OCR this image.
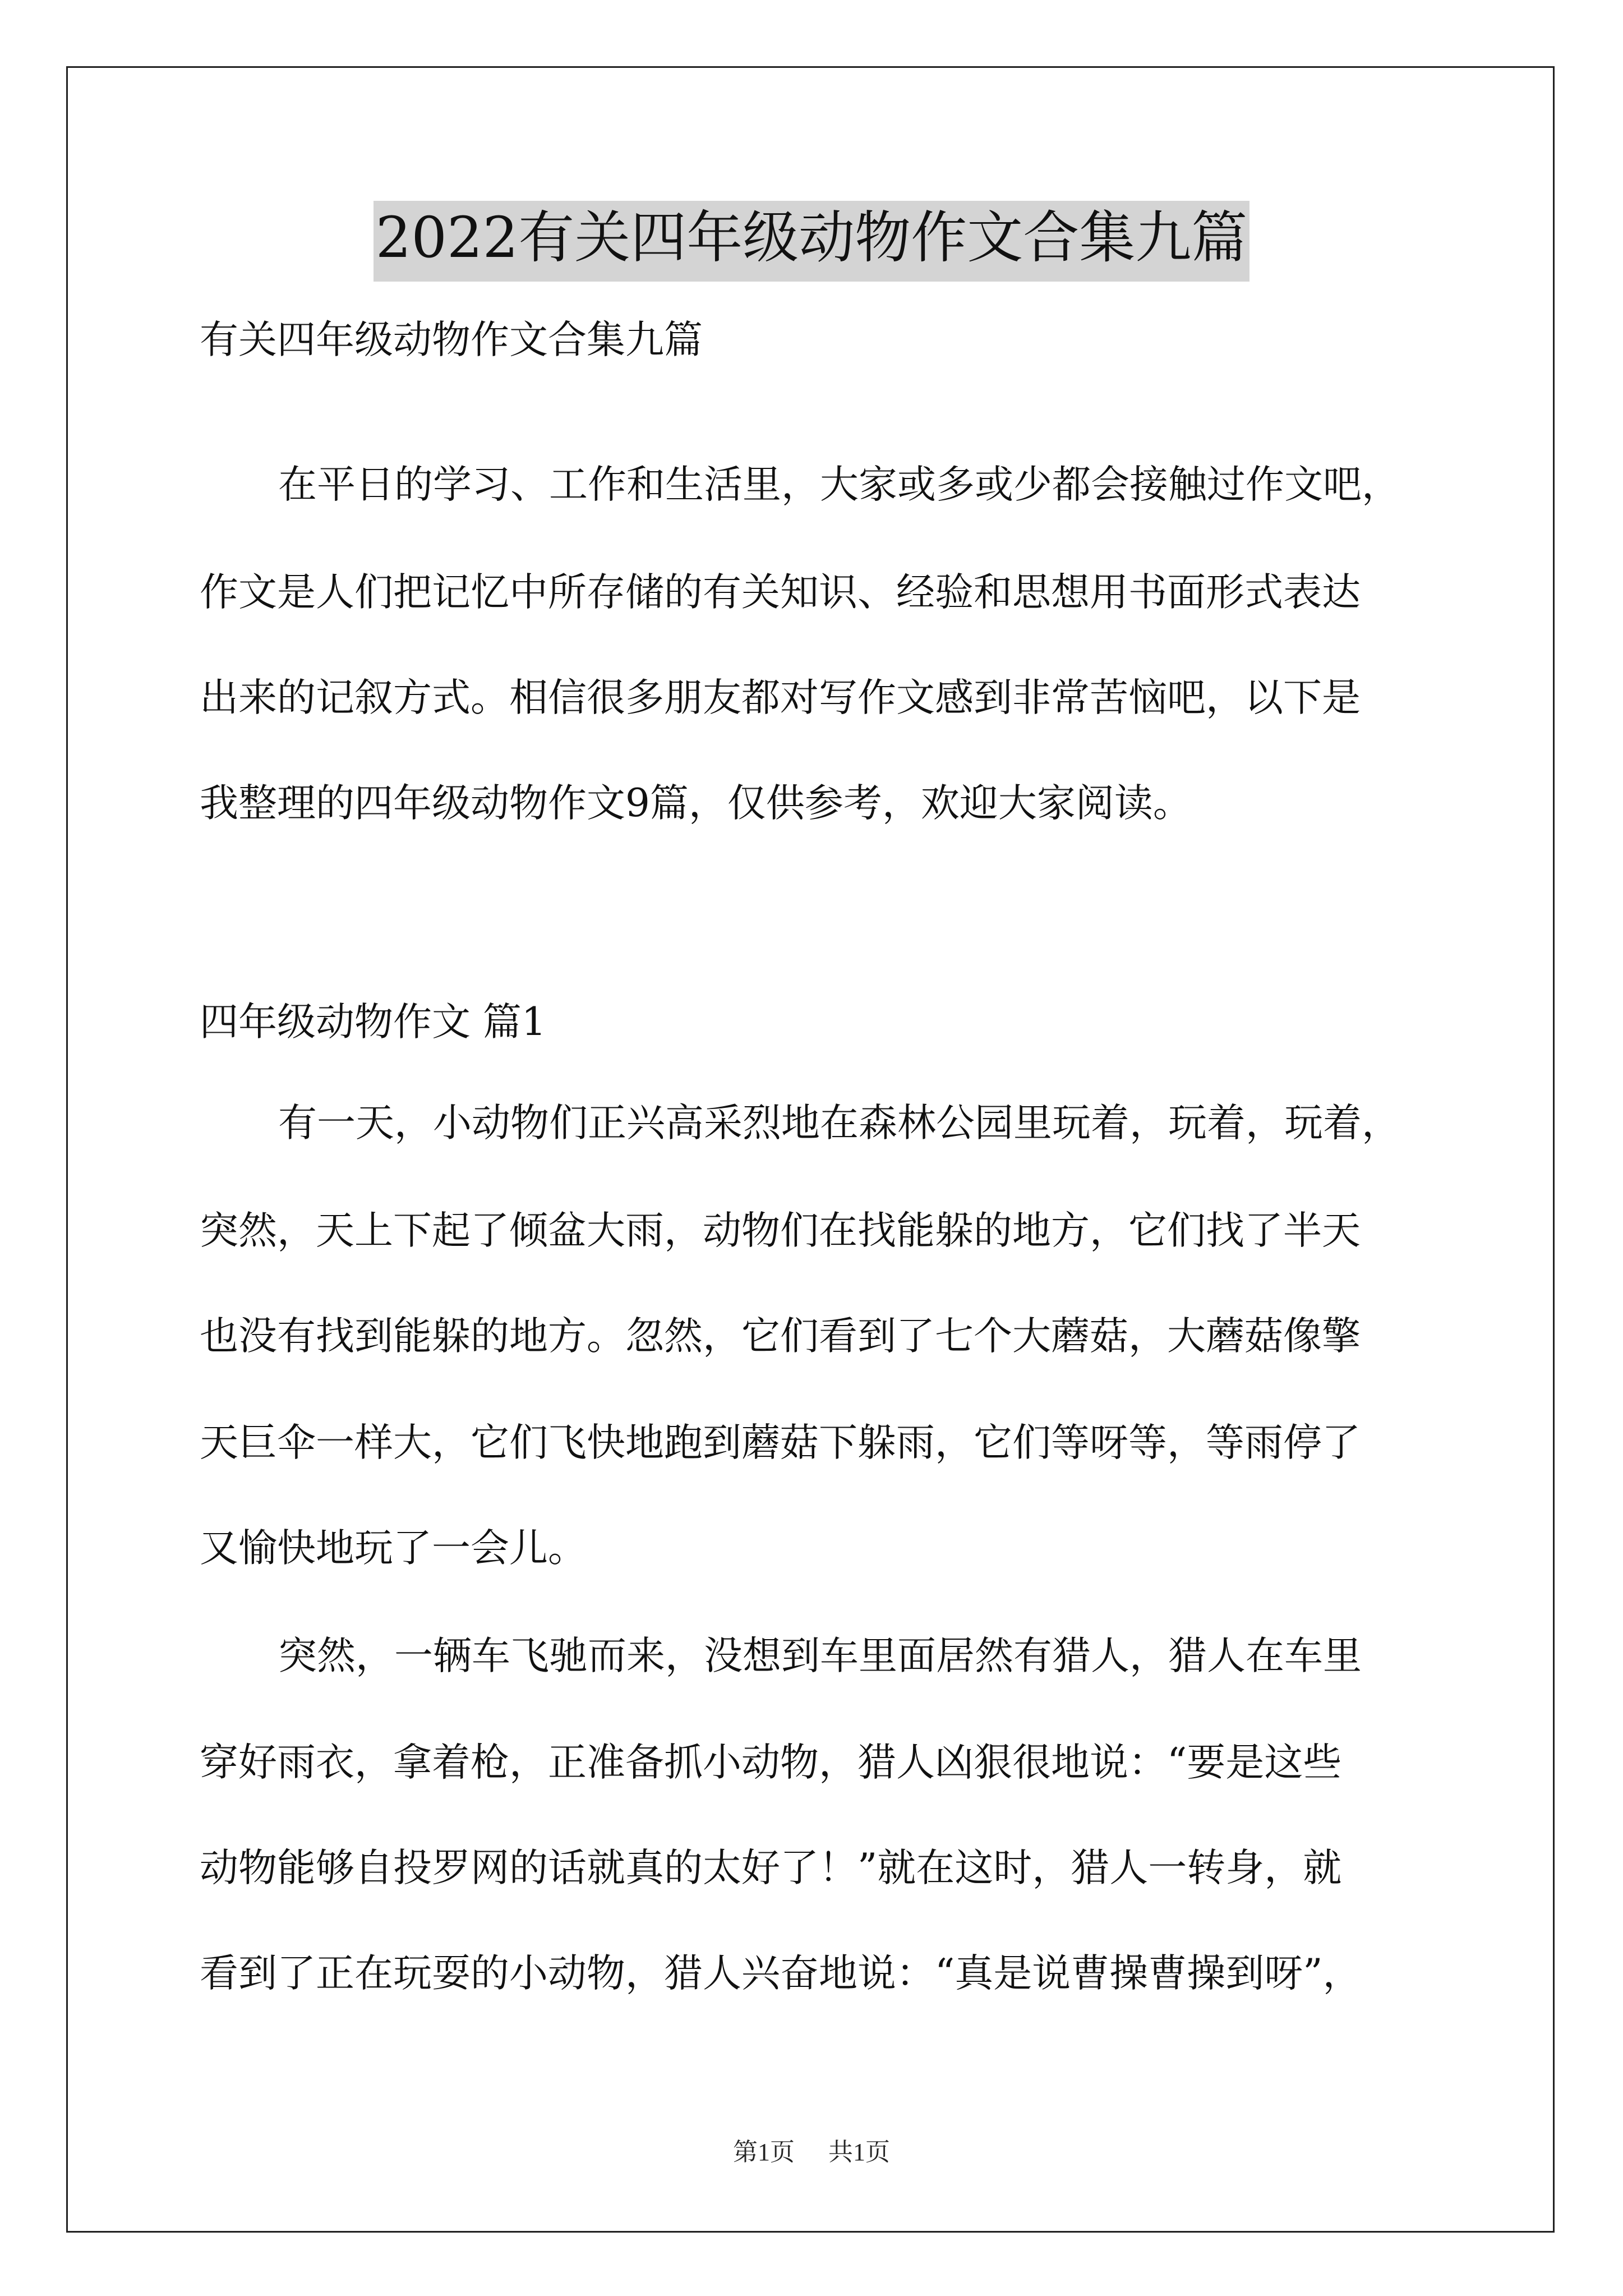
2022有关四年级动物作文合集九篇

有关四年级动物作文合集九篇

在平日的学习、工作和生活里，大家或多或少都会接触过作文吧，

作文是人们把记忆中所存储的有关知识、经验和思想用书面形式表达

出来的记叙方式。相信很多朋友都对写作文感到非常苦恼吧，以下是

我整理的四年级动物作文9篇，仅供参考，欢迎大家阅读。

四年级动物作文 篇1

有一天，小动物们正兴高采烈地在森林公园里玩着，玩着，玩着，

突然，天上下起了倾盆大雨，动物们在找能躲的地方，它们找了半天

也没有找到能躲的地方。忽然，它们看到了七个大蘑菇，大蘑菇像擎

天巨伞一样大，它们飞快地跑到蘑菇下躲雨，它们等呀等，等雨停了

又愉快地玩了一会儿。

突然，一辆车飞驰而来，没想到车里面居然有猎人，猎人在车里

穿好雨衣，拿着枪，正准备抓小动物，猎人凶狠很地说：“要是这些

动物能够自投罗网的话就真的太好了！”就在这时，猎人一转身，就

看到了正在玩耍的小动物，猎人兴奋地说：“真是说曹操曹操到呀”，

第1页 共1页
